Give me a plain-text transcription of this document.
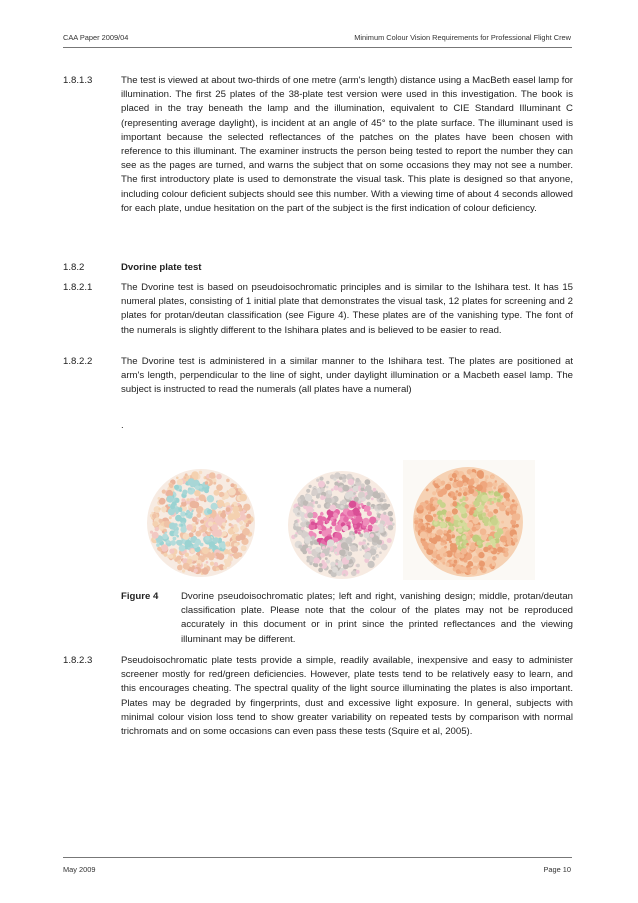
CAA Paper 2009/04	Minimum Colour Vision Requirements for Professional Flight Crew
1.8.1.3	The test is viewed at about two-thirds of one metre (arm's length) distance using a MacBeth easel lamp for illumination. The first 25 plates of the 38-plate test version were used in this investigation. The book is placed in the tray beneath the lamp and the illumination, equivalent to CIE Standard Illuminant C (representing average daylight), is incident at an angle of 45° to the plate surface. The illuminant used is important because the selected reflectances of the patches on the plates have been chosen with reference to this illuminant. The examiner instructs the person being tested to report the number they can see as the pages are turned, and warns the subject that on some occasions they may not see a number. The first introductory plate is used to demonstrate the visual task. This plate is designed so that anyone, including colour deficient subjects should see this number. With a viewing time of about 4 seconds allowed for each plate, undue hesitation on the part of the subject is the first indication of colour deficiency.
1.8.2	Dvorine plate test
1.8.2.1	The Dvorine test is based on pseudoisochromatic principles and is similar to the Ishihara test. It has 15 numeral plates, consisting of 1 initial plate that demonstrates the visual task, 12 plates for screening and 2 plates for protan/deutan classification (see Figure 4). These plates are of the vanishing type. The font of the numerals is slightly different to the Ishihara plates and is believed to be easier to read.
1.8.2.2	The Dvorine test is administered in a similar manner to the Ishihara test. The plates are positioned at arm's length, perpendicular to the line of sight, under daylight illumination or a Macbeth easel lamp. The subject is instructed to read the numerals (all plates have a numeral)
.
Figure 4 Dvorine pseudoisochromatic plates; left and right, vanishing design; middle, protan/deutan classification plate. Please note that the colour of the plates may not be reproduced accurately in this document or in print since the printed reflectances and the viewing illuminant may be different.
1.8.2.3	Pseudoisochromatic plate tests provide a simple, readily available, inexpensive and easy to administer screener mostly for red/green deficiencies. However, plate tests tend to be relatively easy to learn, and this encourages cheating. The spectral quality of the light source illuminating the plates is also important. Plates may be degraded by fingerprints, dust and excessive light exposure. In general, subjects with minimal colour vision loss tend to show greater variability on repeated tests by comparison with normal trichromats and on some occasions can even pass these tests (Squire et al, 2005).
May 2009	Page 10
